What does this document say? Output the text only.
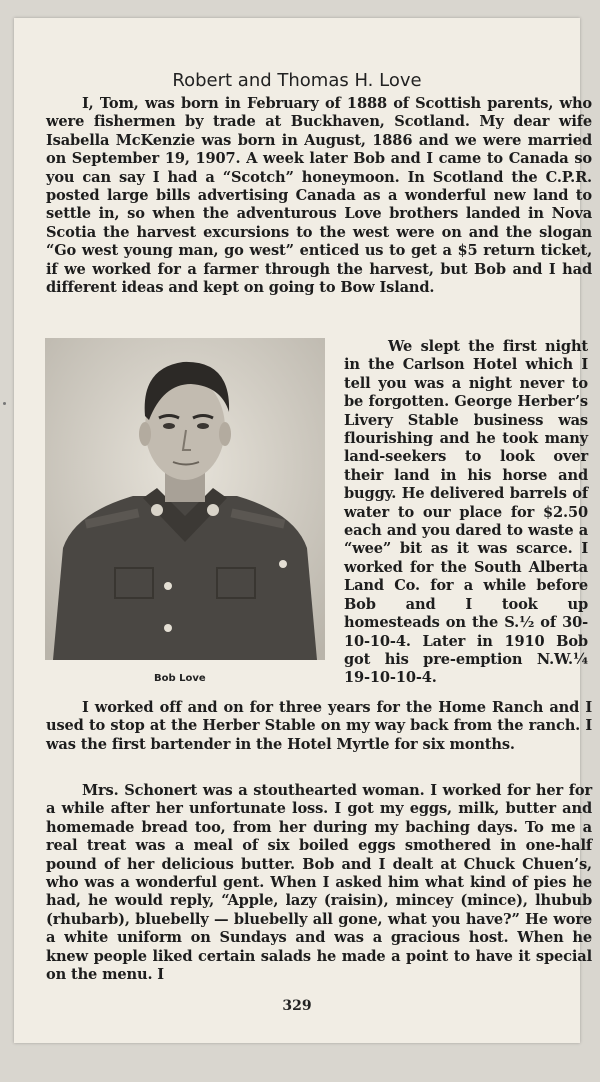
Robert and Thomas H. Love

I, Tom, was born in February of 1888 of Scottish parents, who were fishermen by trade at Buckhaven, Scotland. My dear wife Isabella McKenzie was born in August, 1886 and we were married on September 19, 1907. A week later Bob and I came to Canada so you can say I had a “Scotch” honeymoon. In Scotland the C.P.R. posted large bills advertising Canada as a wonderful new land to settle in, so when the adventurous Love brothers landed in Nova Scotia the harvest excursions to the west were on and the slogan “Go west young man, go west” enticed us to get a $5 return ticket, if we worked for a farmer through the harvest, but Bob and I had different ideas and kept on going to Bow Island.

Bob Love

We slept the first night in the Carlson Hotel which I tell you was a night never to be forgotten. George Herber’s Livery Stable business was flourishing and he took many land-seekers to look over their land in his horse and buggy. He delivered barrels of water to our place for $2.50 each and you dared to waste a “wee” bit as it was scarce. I worked for the South Alberta Land Co. for a while before Bob and I took up homesteads on the S.½ of 30-10-10-4. Later in 1910 Bob got his pre-emption N.W.¼ 19-10-10-4.

I worked off and on for three years for the Home Ranch and I used to stop at the Herber Stable on my way back from the ranch. I was the first bartender in the Hotel Myrtle for six months.

Mrs. Schonert was a stouthearted woman. I worked for her for a while after her unfortunate loss. I got my eggs, milk, butter and homemade bread too, from her during my baching days. To me a real treat was a meal of six boiled eggs smothered in one-half pound of her delicious butter. Bob and I dealt at Chuck Chuen’s, who was a wonderful gent. When I asked him what kind of pies he had, he would reply, “Apple, lazy (raisin), mincey (mince), lhubub (rhubarb), bluebelly — bluebelly all gone, what you have?” He wore a white uniform on Sundays and was a gracious host. When he knew people liked certain salads he made a point to have it special on the menu. I

329
